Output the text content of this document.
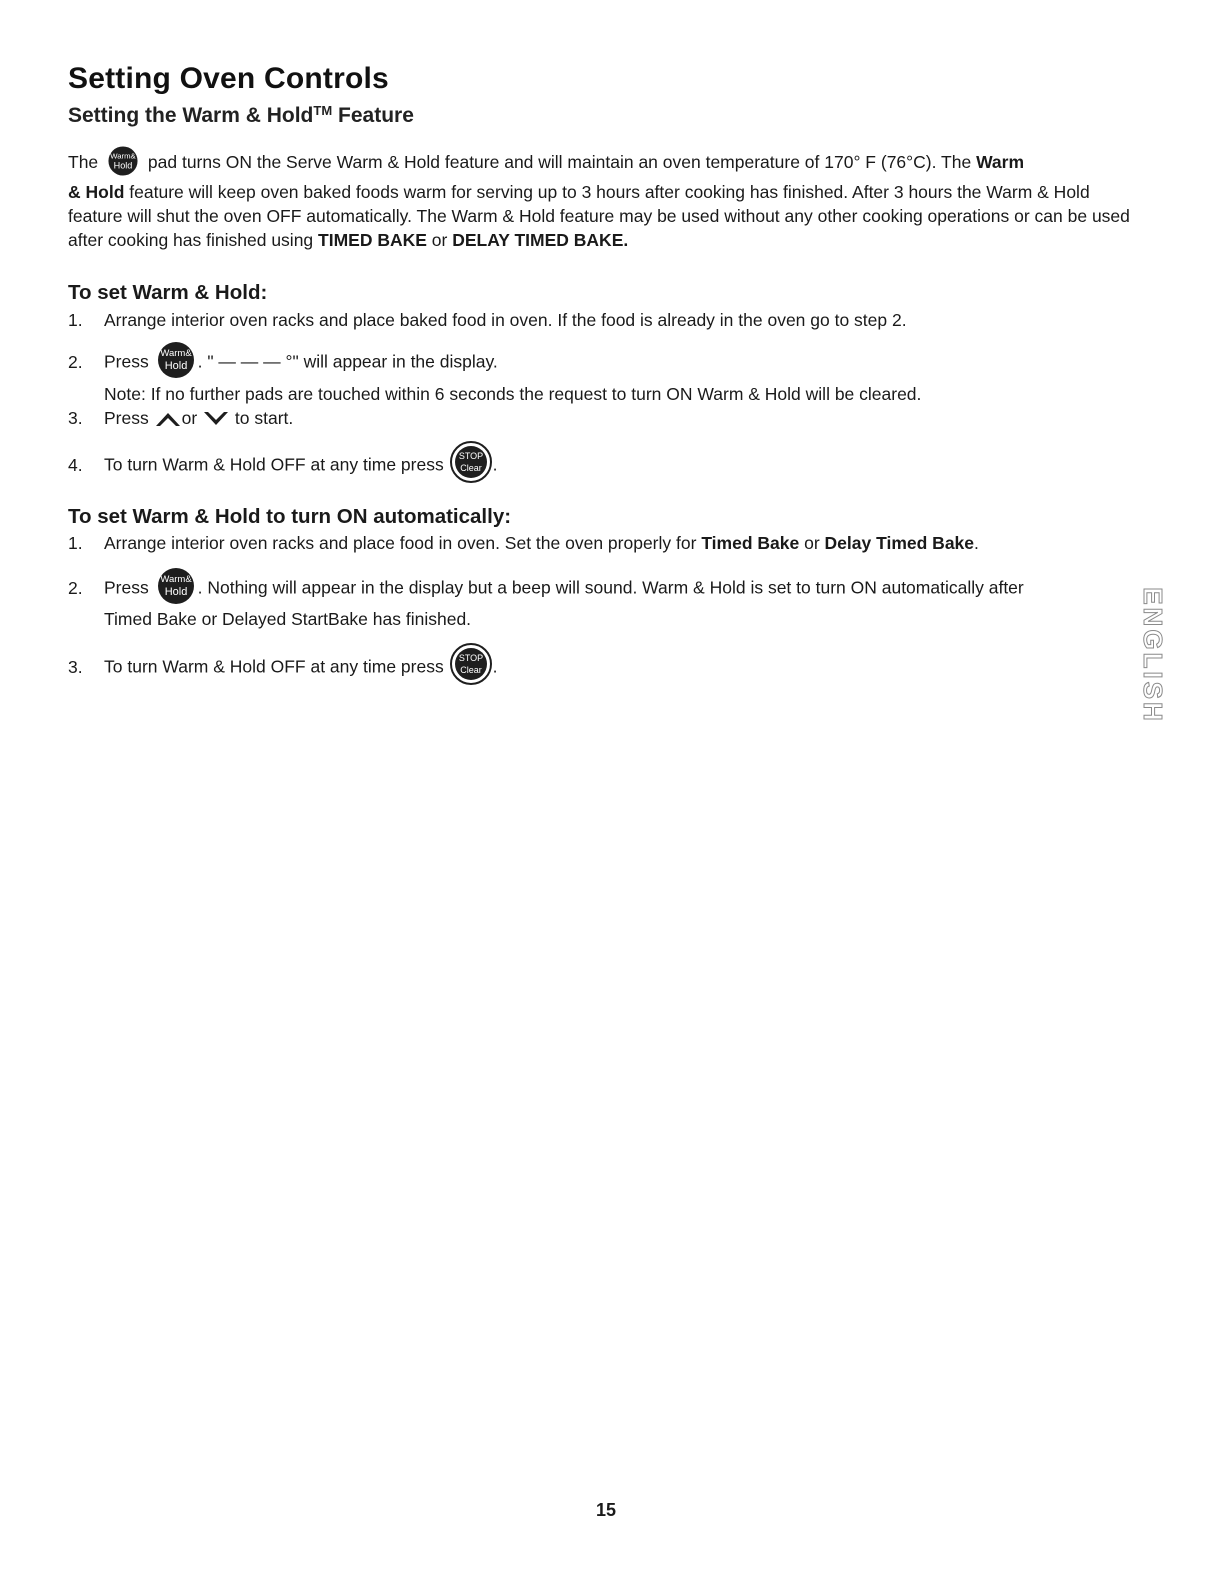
Setting Oven Controls
Setting the Warm & Hold™ Feature

The Warm&
Hold pad turns ON the Serve Warm & Hold feature and will maintain an oven temperature of 170° F (76°C). The Warm
& Hold feature will keep oven baked foods warm for serving up to 3 hours after cooking has finished. After 3 hours the Warm & Hold feature will shut the oven OFF automatically. The Warm & Hold feature may be used without any other cooking operations or can be used after cooking has finished using TIMED BAKE or DELAY TIMED BAKE.

To set Warm & Hold:
1. Arrange interior oven racks and place baked food in oven. If the food is already in the oven go to step 2.
2. Press Warm&
Hold . " — — — °" will appear in the display.
Note: If no further pads are touched within 6 seconds the request to turn ON Warm & Hold will be cleared.
3. Press or to start.
4. To turn Warm & Hold OFF at any time press STOP
Clear .
To set Warm & Hold to turn ON automatically:
1. Arrange interior oven racks and place food in oven. Set the oven properly for Timed Bake or Delay Timed Bake.
2. Press Warm&
Hold . Nothing will appear in the display but a beep will sound. Warm & Hold is set to turn ON automatically after
Timed Bake or Delayed StartBake has finished.
3. To turn Warm & Hold OFF at any time press STOP
Clear .	ENGLISH
15
